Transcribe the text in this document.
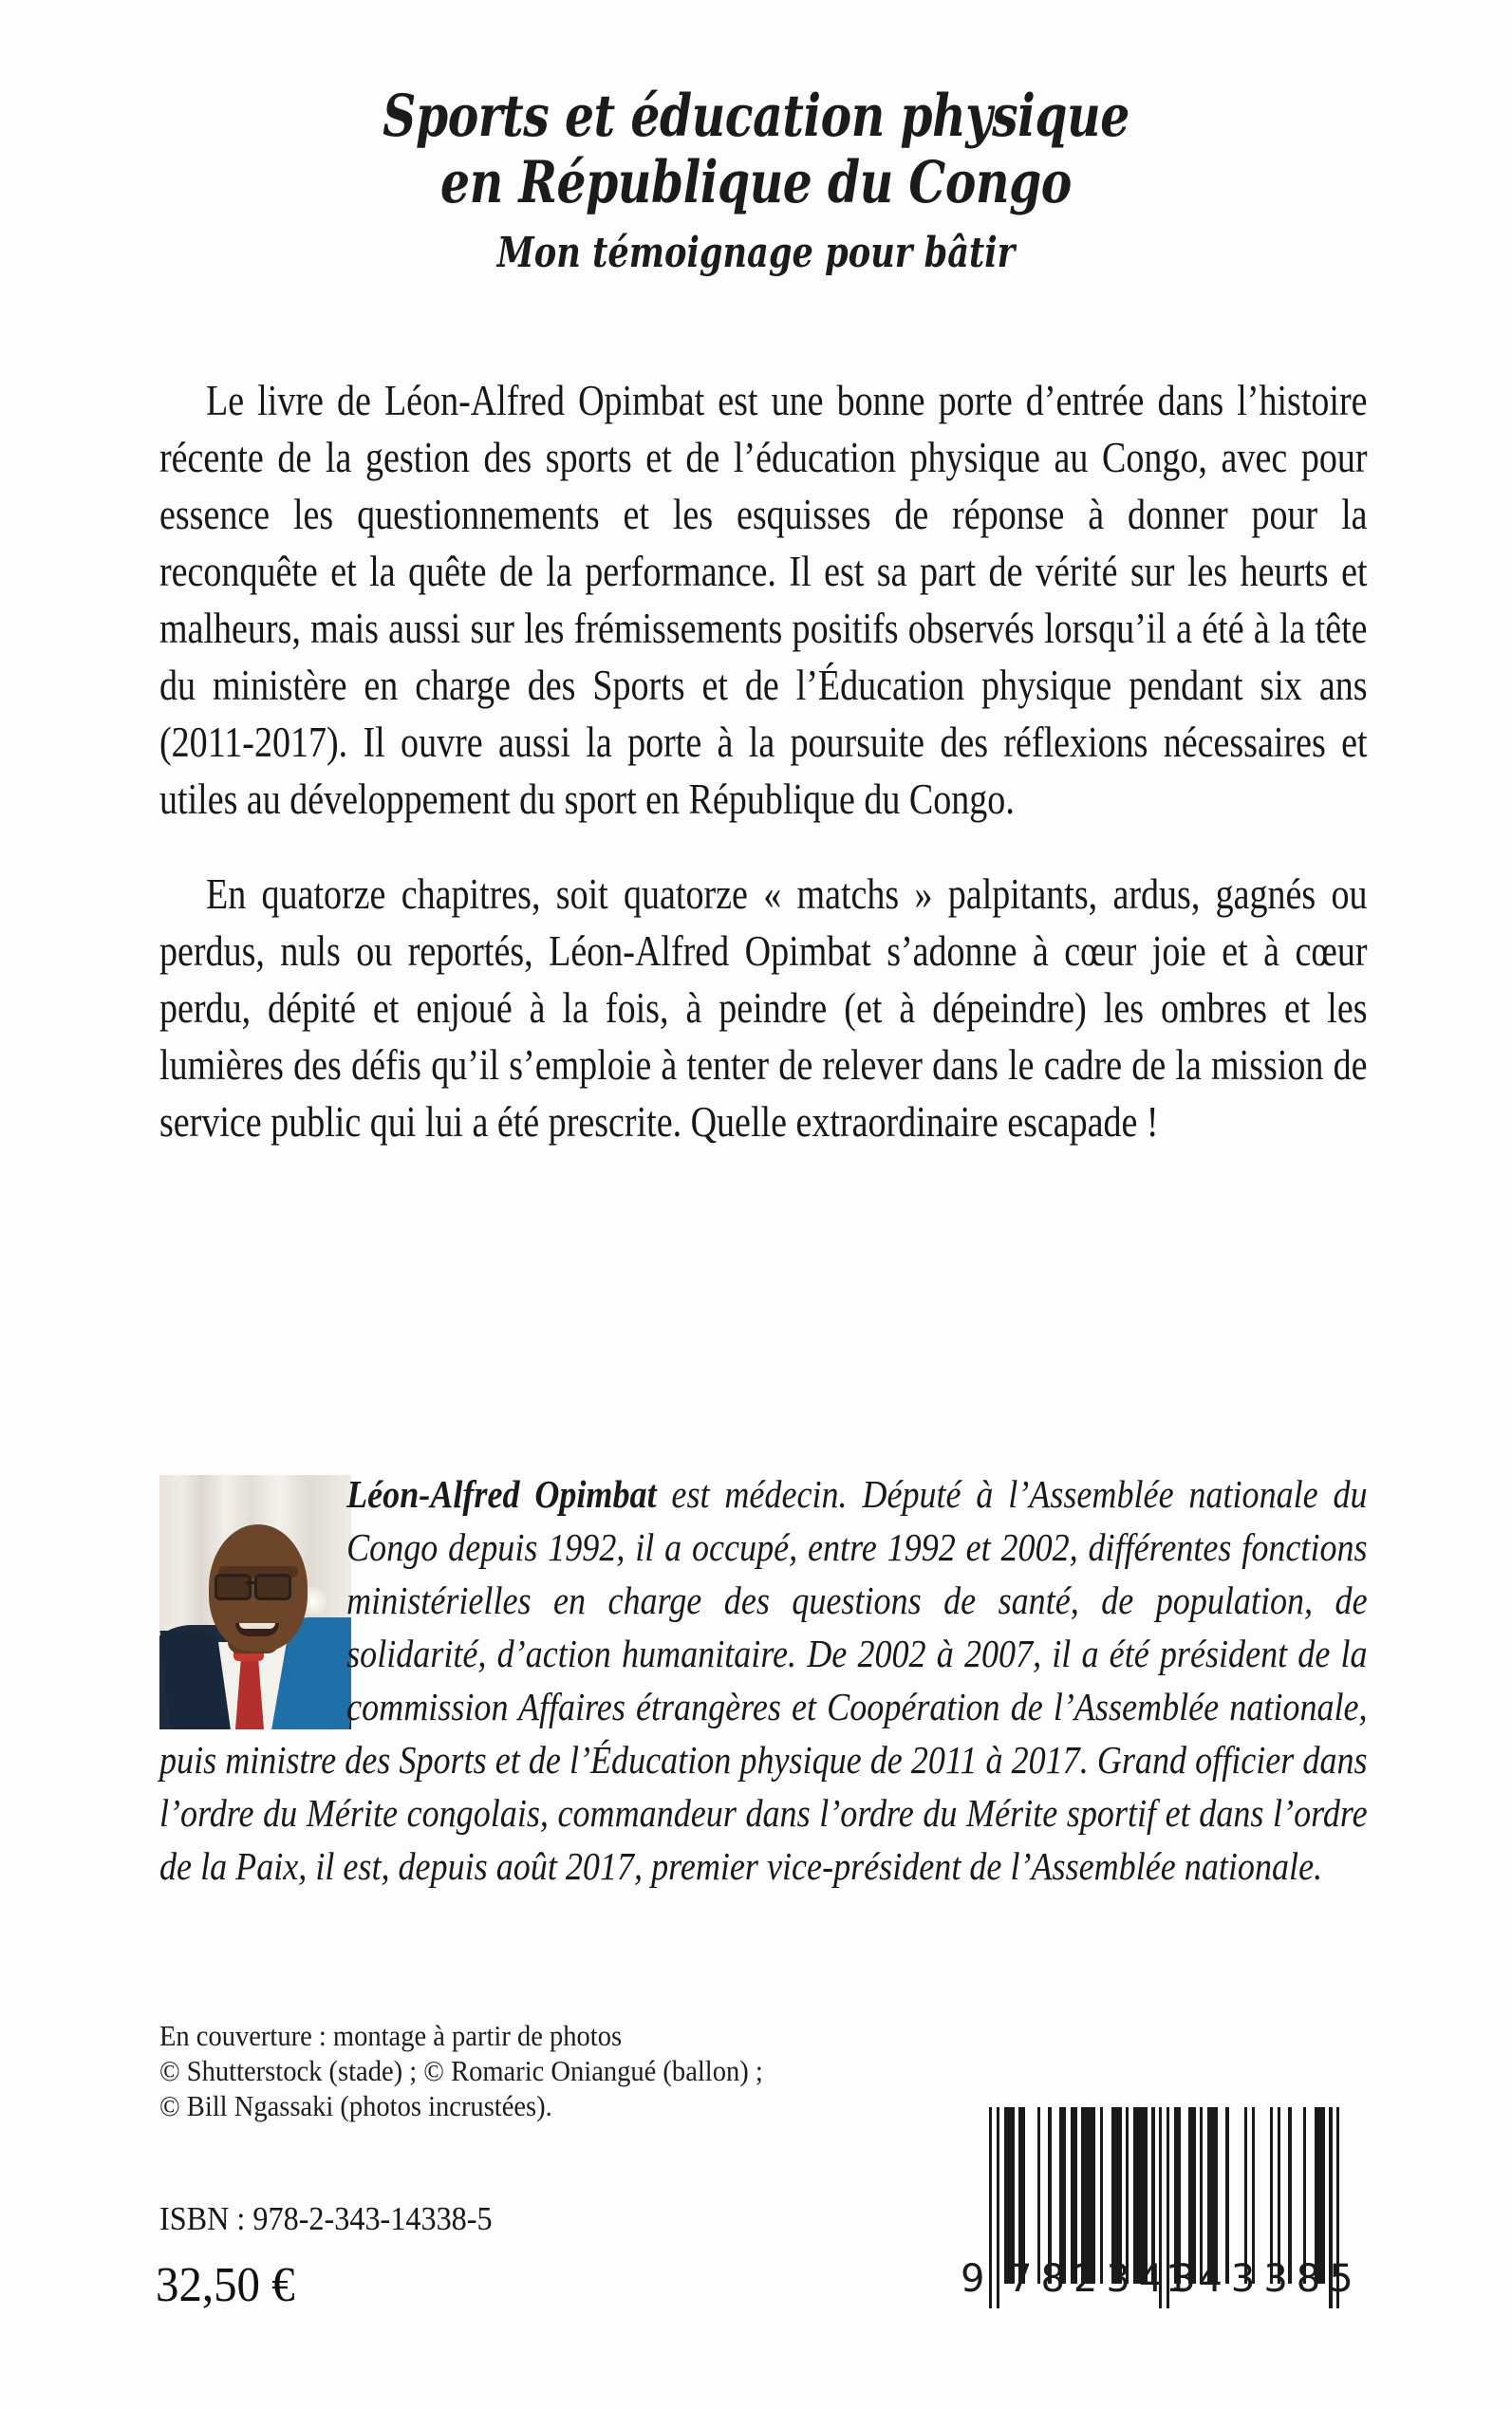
Sports et éducation physique
en République du Congo
Mon témoignage pour bâtir

Le livre de Léon-Alfred Opimbat est une bonne porte d’entrée dans l’histoire récente de la gestion des sports et de l’éducation physique au Congo, avec pour essence les questionnements et les esquisses de réponse à donner pour la reconquête et la quête de la performance. Il est sa part de vérité sur les heurts et malheurs, mais aussi sur les frémissements positifs observés lorsqu’il a été à la tête du ministère en charge des Sports et de l’Éducation physique pendant six ans (2011-2017). Il ouvre aussi la porte à la poursuite des réflexions nécessaires et utiles au développement du sport en République du Congo.

En quatorze chapitres, soit quatorze « matchs » palpitants, ardus, gagnés ou perdus, nuls ou reportés, Léon-Alfred Opimbat s’adonne à cœur joie et à cœur perdu, dépité et enjoué à la fois, à peindre (et à dépeindre) les ombres et les lumières des défis qu’il s’emploie à tenter de relever dans le cadre de la mission de service public qui lui a été prescrite. Quelle extraordinaire escapade !

Léon-Alfred Opimbat est médecin. Député à l’Assemblée nationale du Congo depuis 1992, il a occupé, entre 1992 et 2002, différentes fonctions ministérielles en charge des questions de santé, de population, de solidarité, d’action humanitaire. De 2002 à 2007, il a été président de la commission Affaires étrangères et Coopération de l’Assemblée nationale, puis ministre des Sports et de l’Éducation physique de 2011 à 2017. Grand officier dans l’ordre du Mérite congolais, commandeur dans l’ordre du Mérite sportif et dans l’ordre de la Paix, il est, depuis août 2017, premier vice-président de l’Assemblée nationale.
En couverture : montage à partir de photos
© Shutterstock (stade) ; © Romaric Oniangué (ballon) ;
© Bill Ngassaki (photos incrustées).
ISBN : 978-2-343-14338-5
32,50 €	9 782343
143385
